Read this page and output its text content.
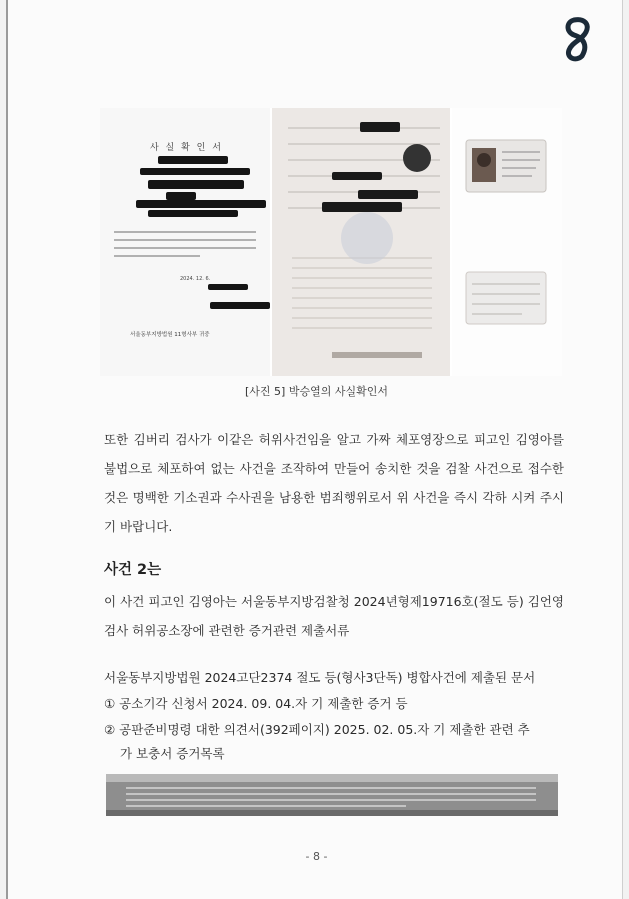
사 실 확 인 서
2024. 12. 6.
서울동부지방법원 11형사부 귀중
[사진 5] 박승열의 사실확인서
또한 김버리 검사가 이같은 허위사건임을 알고 가짜 체포영장으로 피고인 김영아를 불법으로 체포하여 없는 사건을 조작하여 만들어 송치한 것을 검찰 사건으로 접수한 것은 명백한 기소권과 수사권을 남용한 범죄행위로서 위 사건을 즉시 각하 시켜 주시기 바랍니다.
사건 2는
이 사건 피고인 김영아는 서울동부지방검찰청 2024년형제19716호(절도 등) 김언영 검사 허위공소장에 관련한 증거관련 제출서류
서울동부지방법원 2024고단2374 절도 등(형사3단독) 병합사건에 제출된 문서
① 공소기각 신청서 2024. 09. 04.자 기 제출한 증거 등
② 공판준비명령 대한 의견서(392페이지) 2025. 02. 05.자 기 제출한 관련 추
가 보충서 증거목록
- 8 -
